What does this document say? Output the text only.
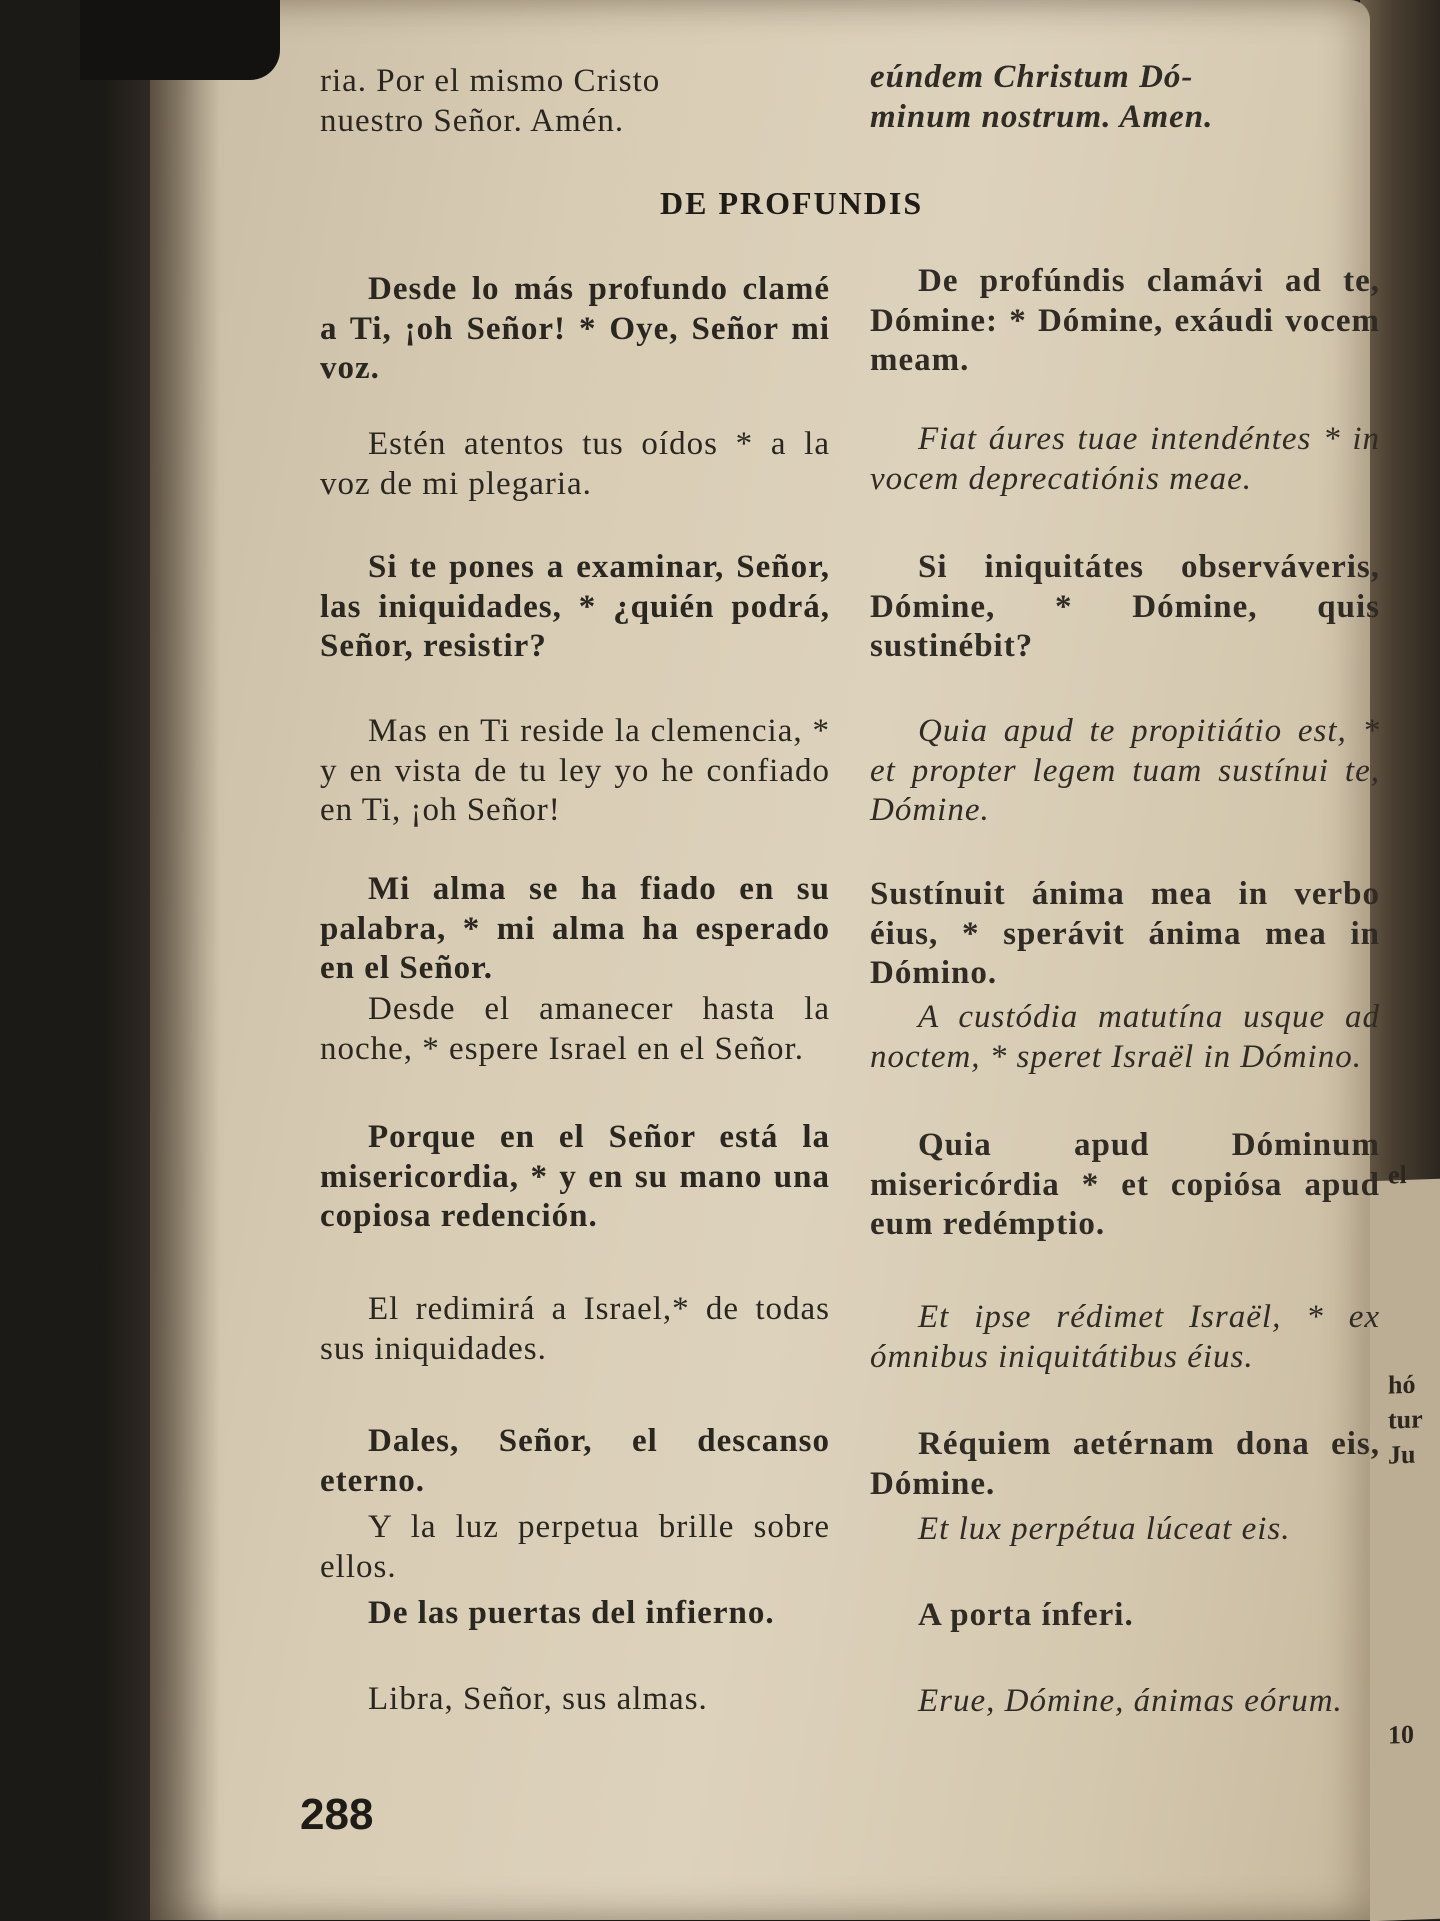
el
hó
tur
Ju
10

ria. Por el mismo Cristo

nuestro Señor. Amén.

eúndem Christum Dó-

minum nostrum. Amen.

DE PROFUNDIS

Desde lo más profundo clamé a Ti, ¡oh Señor! * Oye, Señor mi voz.

Estén atentos tus oídos * a la voz de mi plegaria.

Si te pones a examinar, Señor, las iniquidades, * ¿quién podrá, Señor, resistir?

Mas en Ti reside la clemencia, * y en vista de tu ley yo he confiado en Ti, ¡oh Señor!

Mi alma se ha fiado en su palabra, * mi alma ha esperado en el Señor.

Desde el amanecer hasta la noche, * espere Israel en el Señor.

Porque en el Señor está la misericordia, * y en su mano una copiosa redención.

El redimirá a Israel,* de todas sus iniquidades.

Dales, Señor, el descanso eterno.

Y la luz perpetua brille sobre ellos.

De las puertas del infierno.

Libra, Señor, sus almas.

De profúndis clamávi ad te, Dómine: * Dómine, exáudi vocem meam.

Fiat áures tuae intendéntes * in vocem deprecatiónis meae.

Si iniquitátes observáveris, Dómine, * Dómine, quis sustinébit?

Quia apud te propitiátio est, * et propter legem tuam sustínui te, Dómine.

Sustínuit ánima mea in verbo éius, * sperávit ánima mea in Dómino.

A custódia matutína usque ad noctem, * speret Israël in Dómino.

Quia apud Dóminum misericórdia * et copiósa apud eum redémptio.

Et ipse rédimet Israël, * ex ómnibus iniquitátibus éius.

Réquiem aetérnam dona eis, Dómine.

Et lux perpétua lúceat eis.

A porta ínferi.

Erue, Dómine, ánimas eórum.

288
